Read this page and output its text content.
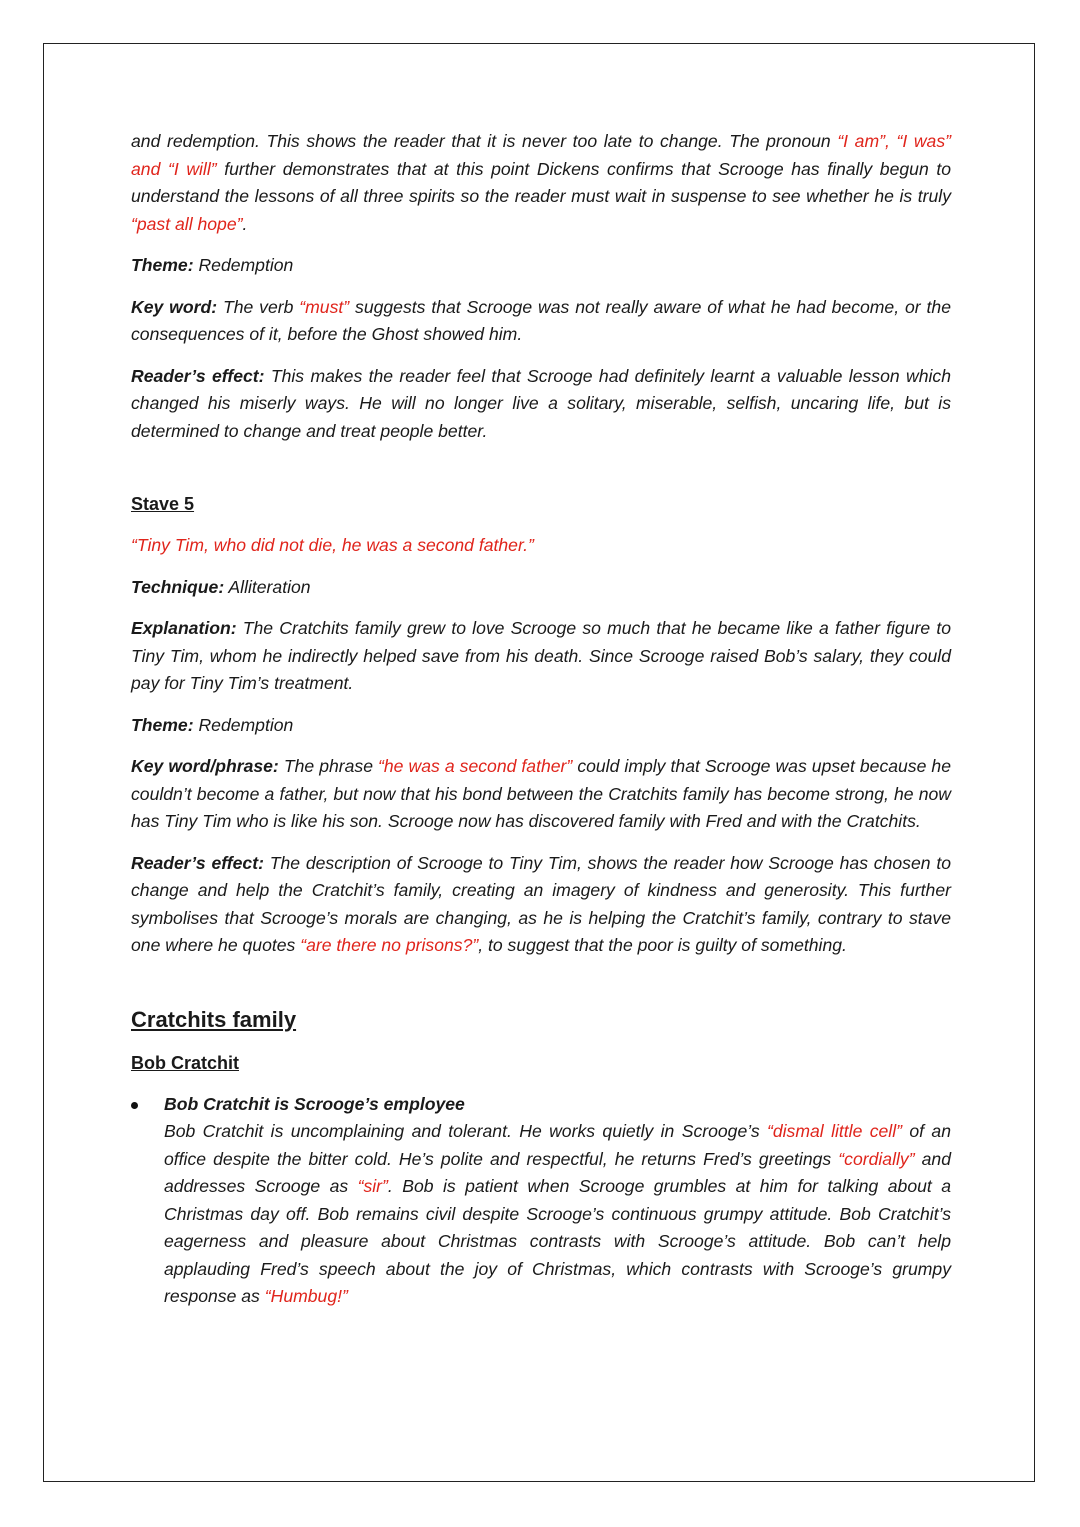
and redemption. This shows the reader that it is never too late to change. The pronoun “I am”, “I was” and “I will” further demonstrates that at this point Dickens confirms that Scrooge has finally begun to understand the lessons of all three spirits so the reader must wait in suspense to see whether he is truly “past all hope”.

Theme: Redemption

Key word: The verb “must” suggests that Scrooge was not really aware of what he had become, or the consequences of it, before the Ghost showed him.

Reader’s effect: This makes the reader feel that Scrooge had definitely learnt a valuable lesson which changed his miserly ways. He will no longer live a solitary, miserable, selfish, uncaring life, but is determined to change and treat people better.

Stave 5

“Tiny Tim, who did not die, he was a second father.”

Technique: Alliteration

Explanation: The Cratchits family grew to love Scrooge so much that he became like a father figure to Tiny Tim, whom he indirectly helped save from his death. Since Scrooge raised Bob’s salary, they could pay for Tiny Tim’s treatment.

Theme: Redemption

Key word/phrase: The phrase “he was a second father” could imply that Scrooge was upset because he couldn’t become a father, but now that his bond between the Cratchits family has become strong, he now has Tiny Tim who is like his son. Scrooge now has discovered family with Fred and with the Cratchits.

Reader’s effect: The description of Scrooge to Tiny Tim, shows the reader how Scrooge has chosen to change and help the Cratchit’s family, creating an imagery of kindness and generosity. This further symbolises that Scrooge’s morals are changing, as he is helping the Cratchit’s family, contrary to stave one where he quotes “are there no prisons?”, to suggest that the poor is guilty of something.

Cratchits family
Bob Cratchit

Bob Cratchit is Scrooge’s employee

Bob Cratchit is uncomplaining and tolerant. He works quietly in Scrooge’s “dismal little cell” of an office despite the bitter cold. He’s polite and respectful, he returns Fred’s greetings “cordially” and addresses Scrooge as “sir”. Bob is patient when Scrooge grumbles at him for talking about a Christmas day off. Bob remains civil despite Scrooge’s continuous grumpy attitude. Bob Cratchit’s eagerness and pleasure about Christmas contrasts with Scrooge’s attitude. Bob can’t help applauding Fred’s speech about the joy of Christmas, which contrasts with Scrooge’s grumpy response as “Humbug!”
